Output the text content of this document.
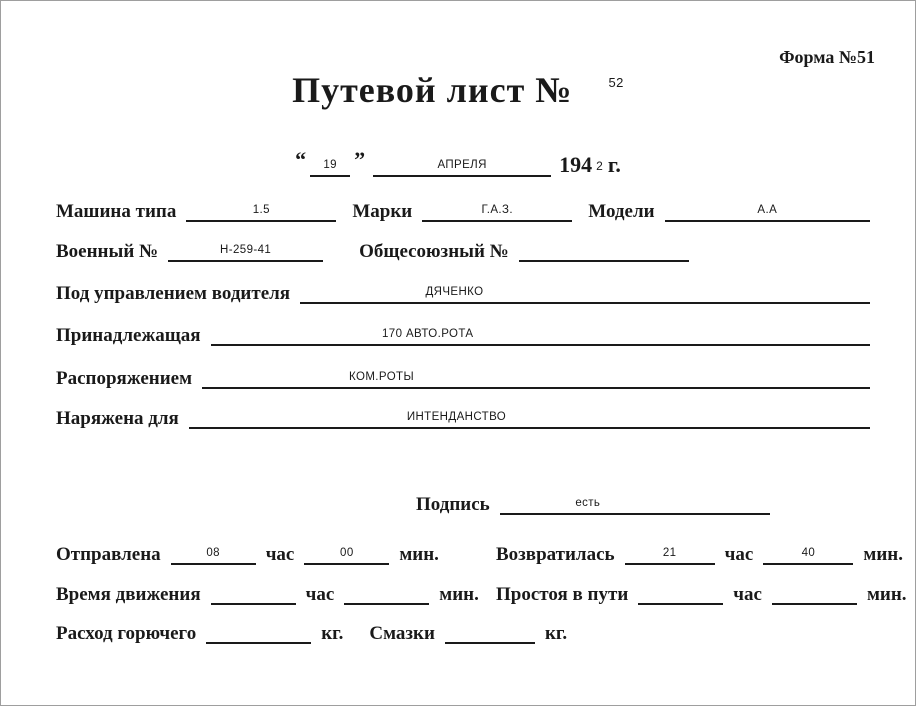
Форма №51
Путевой лист №	$^{52}$
“ 19 ”	АПРЕЛЯ	194 2 г.
Машина типа	1.5	Марки	Г.А.З.	Модели	А.А
Военный №	Н-259-41	Общесоюзный №
Под управлением водителя	ДЯЧЕНКО
Принадлежащая	170 АВТО.РОТА
Распоряжением	КОМ.РОТЫ
Наряжена для	ИНТЕНДАНСТВО
Подпись	есть
Отправлена	08 час	00 мин.	Возвратилась	21	час	40	мин.
Время движения	час	мин. Простоя в пути	час	мин.
Расход горючего	кг. Смазки	кг.
